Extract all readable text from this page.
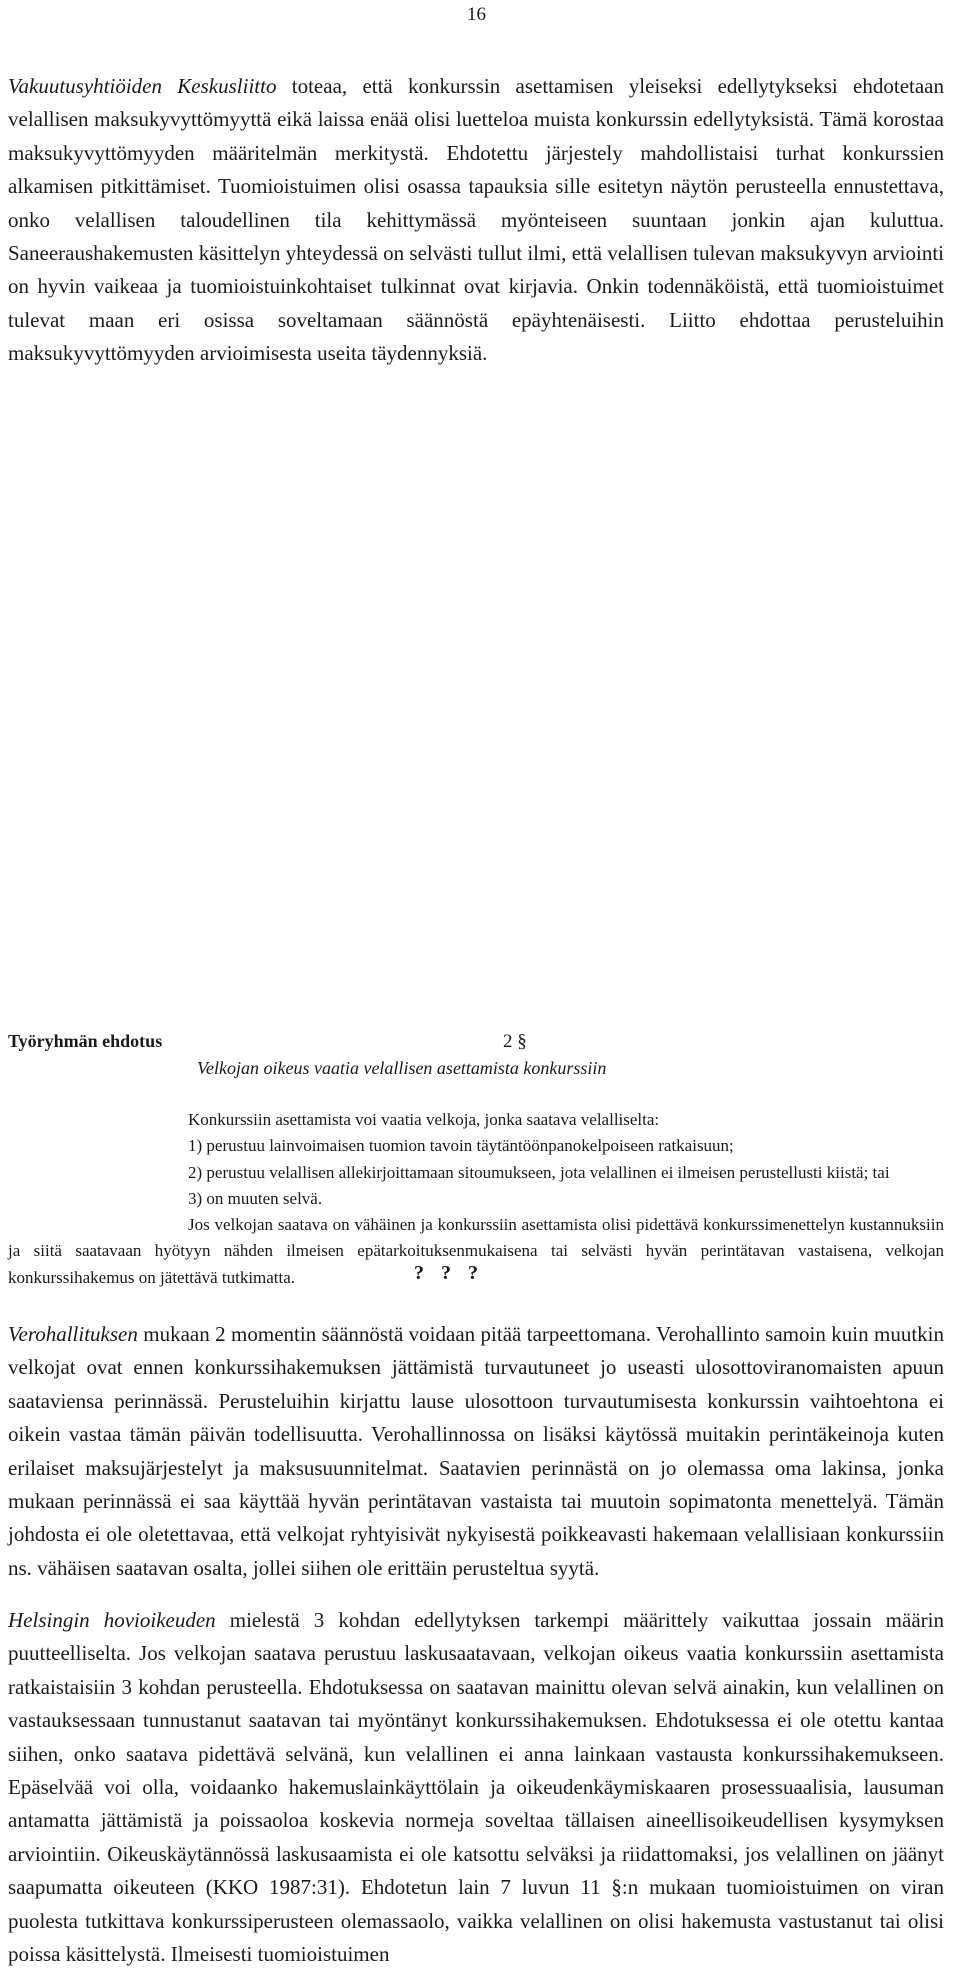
16

Vakuutusyhtiöiden Keskusliitto toteaa, että konkurssin asettamisen yleiseksi edellytykseksi ehdotetaan velallisen maksukyvyttömyyttä eikä laissa enää olisi luetteloa muista konkurssin edellytyksistä. Tämä korostaa maksukyvyttömyyden määritelmän merkitystä. Ehdotettu järjestely mahdollistaisi turhat konkurssien alkamisen pitkittämiset. Tuomioistuimen olisi osassa tapauksia sille esitetyn näytön perusteella ennustettava, onko velallisen taloudellinen tila kehittymässä myönteiseen suuntaan jonkin ajan kuluttua. Saneeraushakemusten käsittelyn yhteydessä on selvästi tullut ilmi, että velallisen tulevan maksukyvyn arviointi on hyvin vaikeaa ja tuomioistuinkohtaiset tulkinnat ovat kirjavia. Onkin todennäköistä, että tuomioistuimet tulevat maan eri osissa soveltamaan säännöstä epäyhtenäisesti. Liitto ehdottaa perusteluihin maksukyvyttömyyden arvioimisesta useita täydennyksiä.

Työryhmän ehdotus	2 §
Velkojan oikeus vaatia velallisen asettamista konkurssiin
Konkurssiin asettamista voi vaatia velkoja, jonka saatava velalliselta:
1) perustuu lainvoimaisen tuomion tavoin täytäntöönpanokelpoiseen ratkaisuun;
2) perustuu velallisen allekirjoittamaan sitoumukseen, jota velallinen ei ilmeisen perustellusti kiistä; tai
3) on muuten selvä.
Jos velkojan saatava on vähäinen ja konkurssiin asettamista olisi pidettävä konkurssimenettelyn kustannuksiin ja siitä saatavaan hyötyyn nähden ilmeisen epätarkoituksenmukaisena tai selvästi hyvän perintätavan vastaisena, velkojan konkurssihakemus on jätettävä tutkimatta.	? ? ?

Verohallituksen mukaan 2 momentin säännöstä voidaan pitää tarpeettomana. Verohallinto samoin kuin muutkin velkojat ovat ennen konkurssihakemuksen jättämistä turvautuneet jo useasti ulosottoviranomaisten apuun saataviensa perinnässä. Perusteluihin kirjattu lause ulosottoon turvautumisesta konkurssin vaihtoehtona ei oikein vastaa tämän päivän todellisuutta. Verohallinnossa on lisäksi käytössä muitakin perintäkeinoja kuten erilaiset maksujärjestelyt ja maksusuunnitelmat. Saatavien perinnästä on jo olemassa oma lakinsa, jonka mukaan perinnässä ei saa käyttää hyvän perintätavan vastaista tai muutoin sopimatonta menettelyä. Tämän johdosta ei ole oletettavaa, että velkojat ryhtyisivät nykyisestä poikkeavasti hakemaan velallisiaan konkurssiin ns. vähäisen saatavan osalta, jollei siihen ole erittäin perusteltua syytä.

Helsingin hovioikeuden mielestä 3 kohdan edellytyksen tarkempi määrittely vaikuttaa jossain määrin puutteelliselta. Jos velkojan saatava perustuu laskusaatavaan, velkojan oikeus vaatia konkurssiin asettamista ratkaistaisiin 3 kohdan perusteella. Ehdotuksessa on saatavan mainittu olevan selvä ainakin, kun velallinen on vastauksessaan tunnustanut saatavan tai myöntänyt konkurssihakemuksen. Ehdotuksessa ei ole otettu kantaa siihen, onko saatava pidettävä selvänä, kun velallinen ei anna lainkaan vastausta konkurssihakemukseen. Epäselvää voi olla, voidaanko hakemuslainkäyttölain ja oikeudenkäymiskaaren prosessuaalisia, lausuman antamatta jättämistä ja poissaoloa koskevia normeja soveltaa tällaisen aineellisoikeudellisen kysymyksen arviointiin. Oikeuskäytännössä laskusaamista ei ole katsottu selväksi ja riidattomaksi, jos velallinen on jäänyt saapumatta oikeuteen (KKO 1987:31). Ehdotetun lain 7 luvun 11 §:n mukaan tuomioistuimen on viran puolesta tutkittava konkurssiperusteen olemassaolo, vaikka velallinen on olisi hakemusta vastustanut tai olisi poissa käsittelystä. Ilmeisesti tuomioistuimen
